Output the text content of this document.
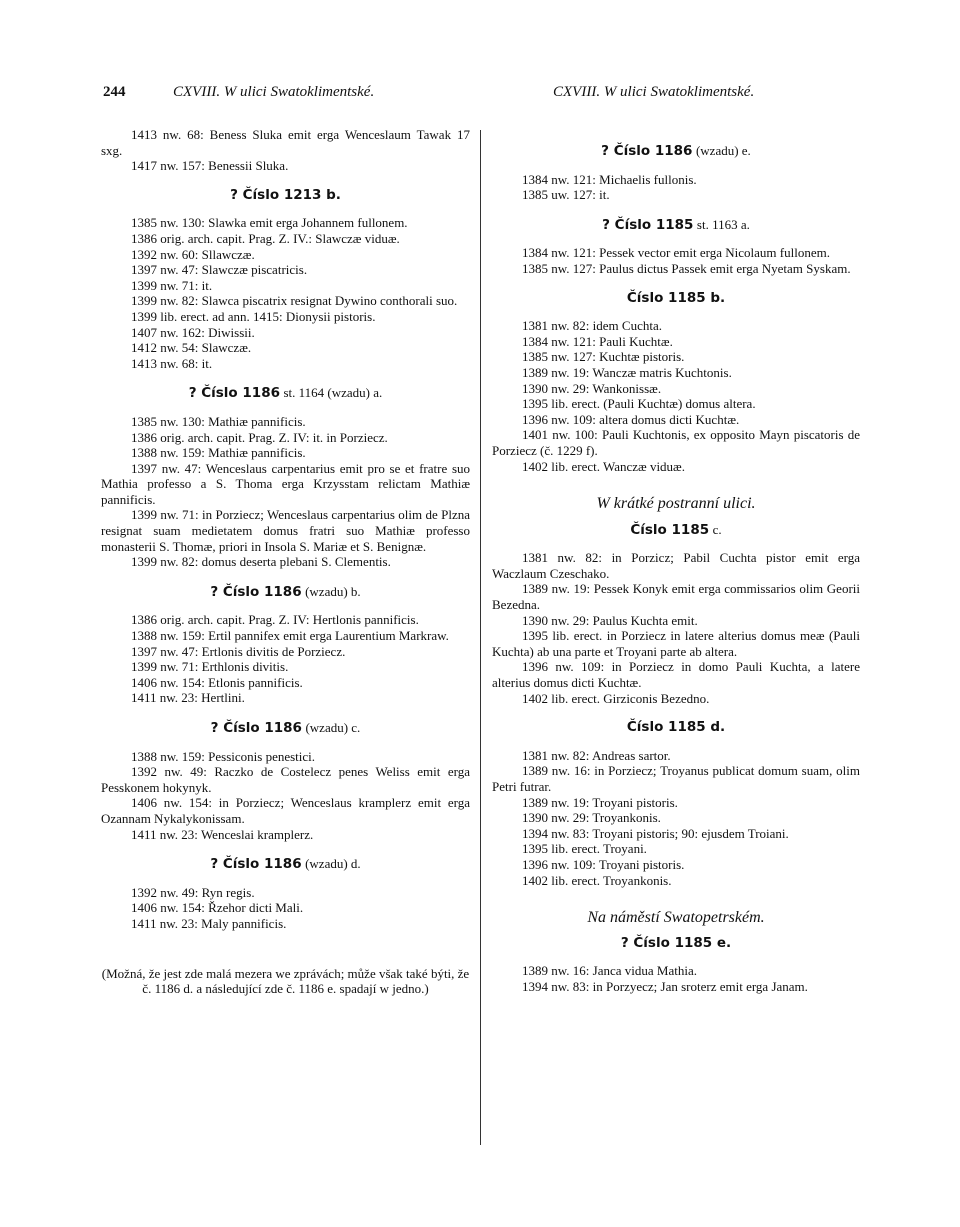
244	CXVIII. W ulici Swatoklimentské.	CXVIII. W ulici Swatoklimentské.

1413 nw. 68: Beness Sluka emit erga Wenceslaum Tawak 17 sxg.

1417 nw. 157: Benessii Sluka.

? Číslo 1213 b.

1385 nw. 130: Slawka emit erga Johannem fullonem.

1386 orig. arch. capit. Prag. Z. IV.: Slawczæ viduæ.

1392 nw. 60: Sllawczæ.

1397 nw. 47: Slawczæ piscatricis.

1399 nw. 71: it.

1399 nw. 82: Slawca piscatrix resignat Dywino conthorali suo.

1399 lib. erect. ad ann. 1415: Dionysii pistoris.

1407 nw. 162: Diwissii.

1412 nw. 54: Slawczæ.

1413 nw. 68: it.

? Číslo 1186 st. 1164 (wzadu) a.

1385 nw. 130: Mathiæ pannificis.

1386 orig. arch. capit. Prag. Z. IV: it. in Porziecz.

1388 nw. 159: Mathiæ pannificis.

1397 nw. 47: Wenceslaus carpentarius emit pro se et fratre suo Mathia professo a S. Thoma erga Krzysstam relictam Mathiæ pannificis.

1399 nw. 71: in Porziecz; Wenceslaus carpentarius olim de Plzna resignat suam medietatem domus fratri suo Mathiæ professo monasterii S. Thomæ, priori in Insola S. Mariæ et S. Benignæ.

1399 nw. 82: domus deserta plebani S. Clementis.

? Číslo 1186 (wzadu) b.

1386 orig. arch. capit. Prag. Z. IV: Hertlonis pannificis.

1388 nw. 159: Ertil pannifex emit erga Laurentium Markraw.

1397 nw. 47: Ertlonis divitis de Porziecz.

1399 nw. 71: Erthlonis divitis.

1406 nw. 154: Etlonis pannificis.

1411 nw. 23: Hertlini.

? Číslo 1186 (wzadu) c.

1388 nw. 159: Pessiconis penestici.

1392 nw. 49: Raczko de Costelecz penes Weliss emit erga Pesskonem hokynyk.

1406 nw. 154: in Porziecz; Wenceslaus kramplerz emit erga Ozannam Nykalykonissam.

1411 nw. 23: Wenceslai kramplerz.

? Číslo 1186 (wzadu) d.

1392 nw. 49: Ryn regis.

1406 nw. 154: Řzehor dicti Mali.

1411 nw. 23: Maly pannificis.

(Možná, že jest zde malá mezera we zprávách; může však také býti, že č. 1186 d. a následující zde č. 1186 e. spadají w jedno.)
? Číslo 1186 (wzadu) e.

1384 nw. 121: Michaelis fullonis.

1385 uw. 127: it.

? Číslo 1185 st. 1163 a.

1384 nw. 121: Pessek vector emit erga Nicolaum fullonem.

1385 nw. 127: Paulus dictus Passek emit erga Nyetam Syskam.

Číslo 1185 b.

1381 nw. 82: idem Cuchta.

1384 nw. 121: Pauli Kuchtæ.

1385 nw. 127: Kuchtæ pistoris.

1389 nw. 19: Wanczæ matris Kuchtonis.

1390 nw. 29: Wankonissæ.

1395 lib. erect. (Pauli Kuchtæ) domus altera.

1396 nw. 109: altera domus dicti Kuchtæ.

1401 nw. 100: Pauli Kuchtonis, ex opposito Mayn piscatoris de Porziecz (č. 1229 f).

1402 lib. erect. Wanczæ viduæ.

W krátké postranní ulici.
Číslo 1185 c.

1381 nw. 82: in Porzicz; Pabil Cuchta pistor emit erga Waczlaum Czeschako.

1389 nw. 19: Pessek Konyk emit erga commissarios olim Georii Bezedna.

1390 nw. 29: Paulus Kuchta emit.

1395 lib. erect. in Porziecz in latere alterius domus meæ (Pauli Kuchta) ab una parte et Troyani parte ab altera.

1396 nw. 109: in Porziecz in domo Pauli Kuchta, a latere alterius domus dicti Kuchtæ.

1402 lib. erect. Girziconis Bezedno.

Číslo 1185 d.

1381 nw. 82: Andreas sartor.

1389 nw. 16: in Porziecz; Troyanus publicat domum suam, olim Petri futrar.

1389 nw. 19: Troyani pistoris.

1390 nw. 29: Troyankonis.

1394 nw. 83: Troyani pistoris; 90: ejusdem Troiani.

1395 lib. erect. Troyani.

1396 nw. 109: Troyani pistoris.

1402 lib. erect. Troyankonis.

Na náměstí Swatopetrském.
? Číslo 1185 e.

1389 nw. 16: Janca vidua Mathia.

1394 nw. 83: in Porzyecz; Jan sroterz emit erga Janam.
